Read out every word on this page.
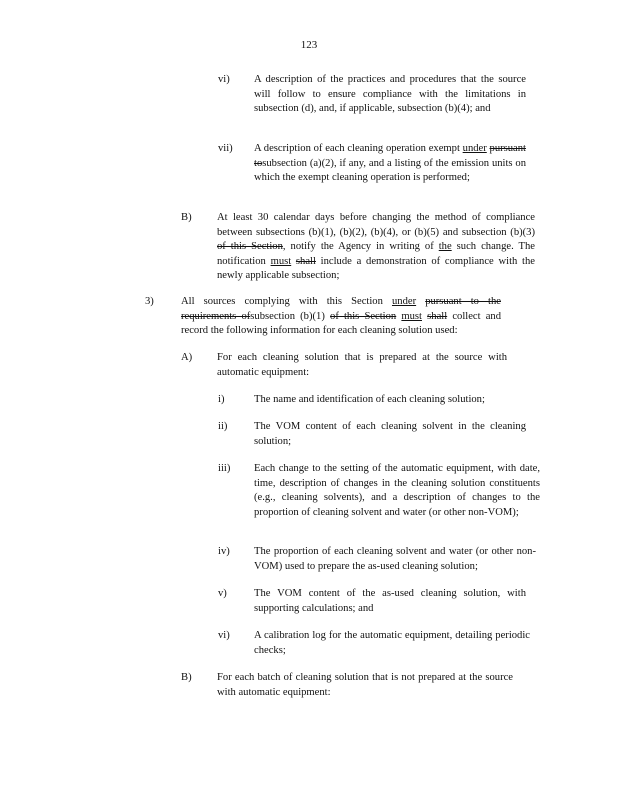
123
vi) A description of the practices and procedures that the source will follow to ensure compliance with the limitations in subsection (d), and, if applicable, subsection (b)(4); and
vii) A description of each cleaning operation exempt under pursuant tosubsection (a)(2), if any, and a listing of the emission units on which the exempt cleaning operation is performed;
B) At least 30 calendar days before changing the method of compliance between subsections (b)(1), (b)(2), (b)(4), or (b)(5) and subsection (b)(3) of this Section, notify the Agency in writing of the such change. The notification must shall include a demonstration of compliance with the newly applicable subsection;
3)	All sources complying with this Section under pursuant to the requirements ofsubsection (b)(1) of this Section must shall collect and record the following information for each cleaning solution used:
A) For each cleaning solution that is prepared at the source with automatic equipment:
i)	The name and identification of each cleaning solution;
ii)	The VOM content of each cleaning solvent in the cleaning solution;
iii) Each change to the setting of the automatic equipment, with date, time, description of changes in the cleaning solution constituents (e.g., cleaning solvents), and a description of changes to the proportion of cleaning solvent and water (or other non-VOM);
iv) The proportion of each cleaning solvent and water (or other non-VOM) used to prepare the as-used cleaning solution;
v)	The VOM content of the as-used cleaning solution, with supporting calculations; and
vi) A calibration log for the automatic equipment, detailing periodic checks;
B) For each batch of cleaning solution that is not prepared at the source with automatic equipment:
